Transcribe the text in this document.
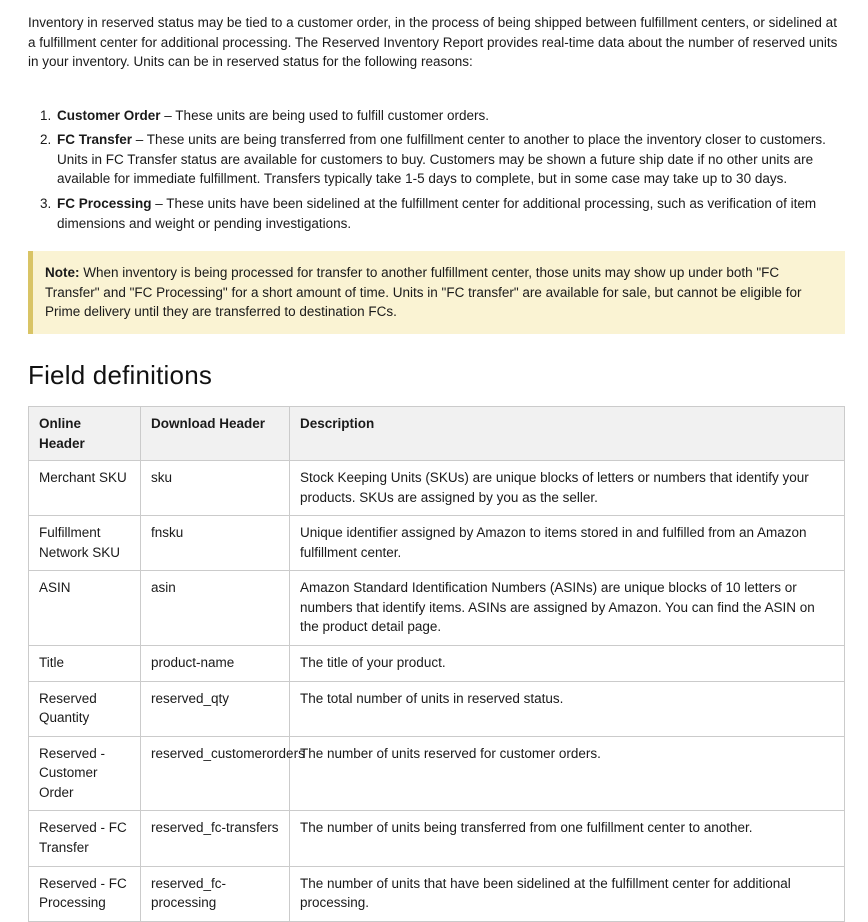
Inventory in reserved status may be tied to a customer order, in the process of being shipped between fulfillment centers, or sidelined at a fulfillment center for additional processing. The Reserved Inventory Report provides real-time data about the number of reserved units in your inventory. Units can be in reserved status for the following reasons:

1. Customer Order – These units are being used to fulfill customer orders.
2. FC Transfer – These units are being transferred from one fulfillment center to another to place the inventory closer to customers. Units in FC Transfer status are available for customers to buy. Customers may be shown a future ship date if no other units are available for immediate fulfillment. Transfers typically take 1-5 days to complete, but in some case may take up to 30 days.
3. FC Processing – These units have been sidelined at the fulfillment center for additional processing, such as verification of item dimensions and weight or pending investigations.
Note: When inventory is being processed for transfer to another fulfillment center, those units may show up under both "FC Transfer" and "FC Processing" for a short amount of time. Units in "FC transfer" are available for sale, but cannot be eligible for Prime delivery until they are transferred to destination FCs.
Field definitions
Online Header	Download Header	Description
Merchant SKU	sku	Stock Keeping Units (SKUs) are unique blocks of letters or numbers that identify your products. SKUs are assigned by you as the seller.
Fulfillment Network SKU	fnsku	Unique identifier assigned by Amazon to items stored in and fulfilled from an Amazon fulfillment center.
ASIN	asin	Amazon Standard Identification Numbers (ASINs) are unique blocks of 10 letters or numbers that identify items. ASINs are assigned by Amazon. You can find the ASIN on the product detail page.
Title	product-name	The title of your product.
Reserved Quantity	reserved_qty	The total number of units in reserved status.
Reserved - Customer Order	reserved_customerorders	The number of units reserved for customer orders.
Reserved - FC Transfer	reserved_fc-transfers	The number of units being transferred from one fulfillment center to another.
Reserved - FC Processing	reserved_fc-processing	The number of units that have been sidelined at the fulfillment center for additional processing.
